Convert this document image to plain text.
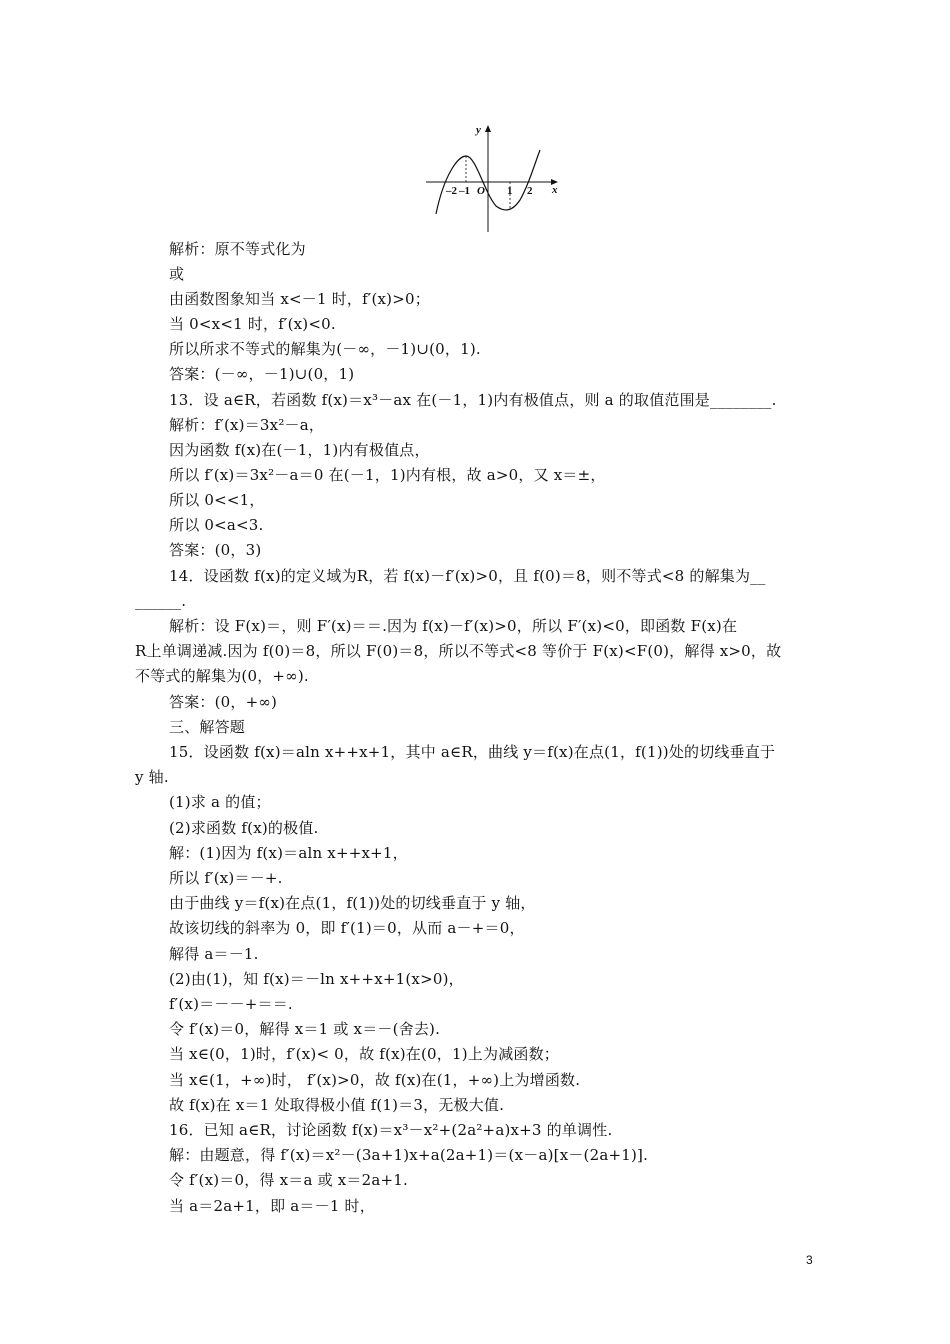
y
x
–2 –1 O 1 2
解析：原不等式化为
或
由函数图象知当 x<－1 时，f′(x)>0；
当 0<x<1 时，f′(x)<0.
所以所求不等式的解集为(－∞，－1)∪(0，1).
答案：(－∞，－1)∪(0，1)
13．设 a∈R，若函数 f(x)＝x³－ax 在(－1，1)内有极值点，则 a 的取值范围是________.
解析：f′(x)＝3x²－a，
因为函数 f(x)在(－1，1)内有极值点，
所以 f′(x)＝3x²－a＝0 在(－1，1)内有根，故 a>0，又 x＝±，
所以 0<<1，
所以 0<a<3.
答案：(0，3)
14．设函数 f(x)的定义域为R，若 f(x)－f′(x)>0，且 f(0)＝8，则不等式<8 的解集为__
______.
解析：设 F(x)＝，则 F′(x)＝＝.因为 f(x)－f′(x)>0，所以 F′(x)<0，即函数 F(x)在
R上单调递减.因为 f(0)＝8，所以 F(0)＝8，所以不等式<8 等价于 F(x)<F(0)，解得 x>0，故
不等式的解集为(0，+∞).
答案：(0，+∞)
三、解答题
15．设函数 f(x)＝aln x++x+1，其中 a∈R，曲线 y＝f(x)在点(1，f(1))处的切线垂直于
y 轴.
(1)求 a 的值；
(2)求函数 f(x)的极值.
解：(1)因为 f(x)＝aln x++x+1，
所以 f′(x)＝－+.
由于曲线 y＝f(x)在点(1，f(1))处的切线垂直于 y 轴，
故该切线的斜率为 0，即 f′(1)＝0，从而 a－+＝0，
解得 a＝－1.
(2)由(1)，知 f(x)＝－ln x++x+1(x>0)，
f′(x)＝－－+＝＝.
令 f′(x)＝0，解得 x＝1 或 x＝－(舍去).
当 x∈(0，1)时，f′(x)< 0，故 f(x)在(0，1)上为减函数；
当 x∈(1，+∞)时， f′(x)>0，故 f(x)在(1，+∞)上为增函数.
故 f(x)在 x＝1 处取得极小值 f(1)＝3，无极大值.
16．已知 a∈R，讨论函数 f(x)＝x³－x²+(2a²+a)x+3 的单调性.
解：由题意，得 f′(x)＝x²－(3a+1)x+a(2a+1)＝(x－a)[x－(2a+1)].
令 f′(x)＝0，得 x＝a 或 x＝2a+1.
当 a＝2a+1，即 a＝－1 时，
3
